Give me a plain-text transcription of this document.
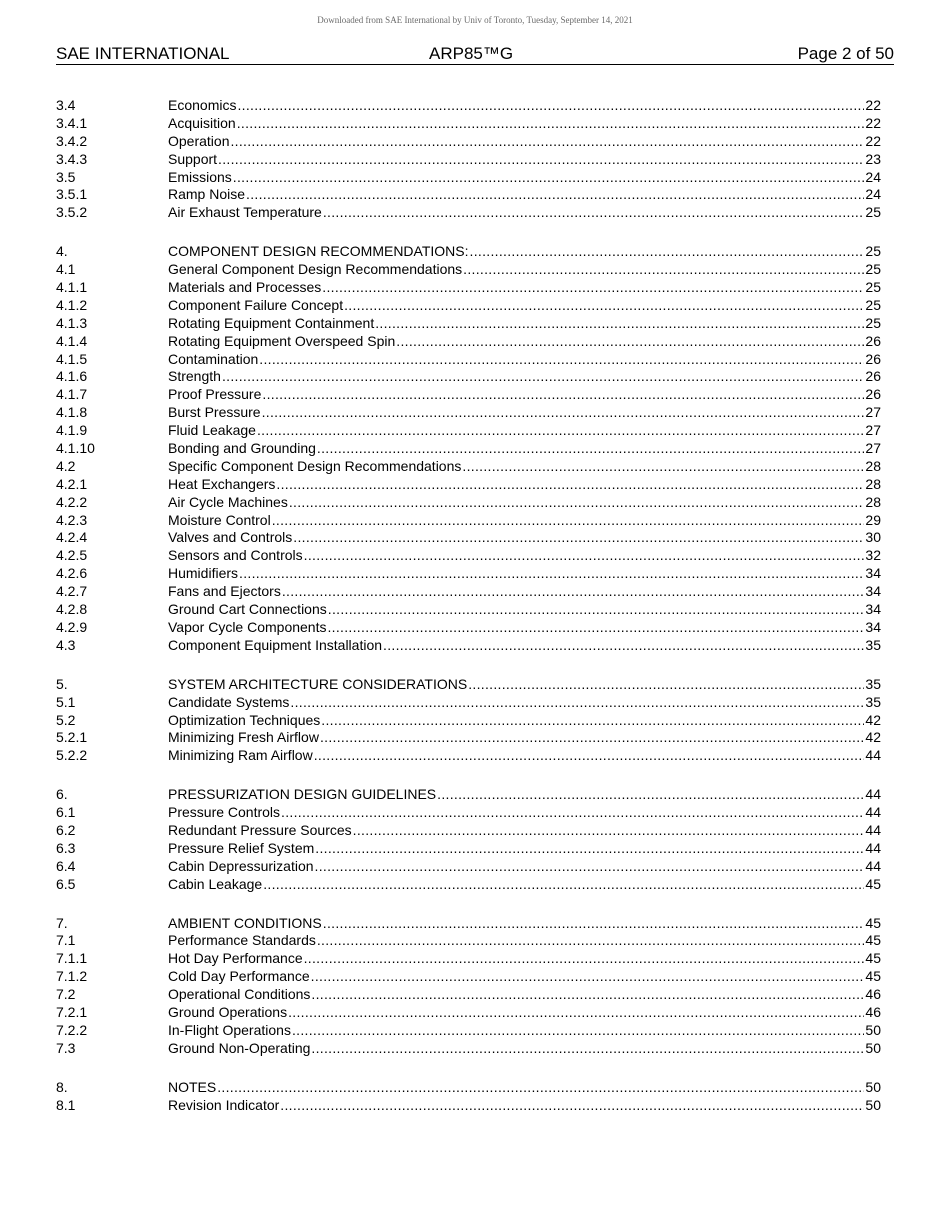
Downloaded from SAE International by Univ of Toronto, Tuesday, September 14, 2021
SAE INTERNATIONAL	ARP85™G	Page 2 of 50
3.4	Economics .....	22
3.4.1	Acquisition .....	22
3.4.2	Operation .....	22
3.4.3	Support .....	23
3.5	Emissions .....	24
3.5.1	Ramp Noise .....	24
3.5.2	Air Exhaust Temperature .....	25
4.	COMPONENT DESIGN RECOMMENDATIONS: .....	25
4.1	General Component Design Recommendations .....	25
4.1.1	Materials and Processes .....	25
4.1.2	Component Failure Concept .....	25
4.1.3	Rotating Equipment Containment .....	25
4.1.4	Rotating Equipment Overspeed Spin .....	26
4.1.5	Contamination .....	26
4.1.6	Strength .....	26
4.1.7	Proof Pressure .....	26
4.1.8	Burst Pressure .....	27
4.1.9	Fluid Leakage .....	27
4.1.10	Bonding and Grounding .....	27
4.2	Specific Component Design Recommendations .....	28
4.2.1	Heat Exchangers .....	28
4.2.2	Air Cycle Machines .....	28
4.2.3	Moisture Control .....	29
4.2.4	Valves and Controls .....	30
4.2.5	Sensors and Controls .....	32
4.2.6	Humidifiers .....	34
4.2.7	Fans and Ejectors .....	34
4.2.8	Ground Cart Connections .....	34
4.2.9	Vapor Cycle Components .....	34
4.3	Component Equipment Installation .....	35
5.	SYSTEM ARCHITECTURE CONSIDERATIONS .....	35
5.1	Candidate Systems .....	35
5.2	Optimization Techniques .....	42
5.2.1	Minimizing Fresh Airflow .....	42
5.2.2	Minimizing Ram Airflow .....	44
6.	PRESSURIZATION DESIGN GUIDELINES .....	44
6.1	Pressure Controls .....	44
6.2	Redundant Pressure Sources .....	44
6.3	Pressure Relief System .....	44
6.4	Cabin Depressurization .....	44
6.5	Cabin Leakage .....	45
7.	AMBIENT CONDITIONS .....	45
7.1	Performance Standards .....	45
7.1.1	Hot Day Performance .....	45
7.1.2	Cold Day Performance .....	45
7.2	Operational Conditions .....	46
7.2.1	Ground Operations .....	46
7.2.2	In-Flight Operations .....	50
7.3	Ground Non-Operating .....	50
8.	NOTES .....	50
8.1	Revision Indicator .....	50
